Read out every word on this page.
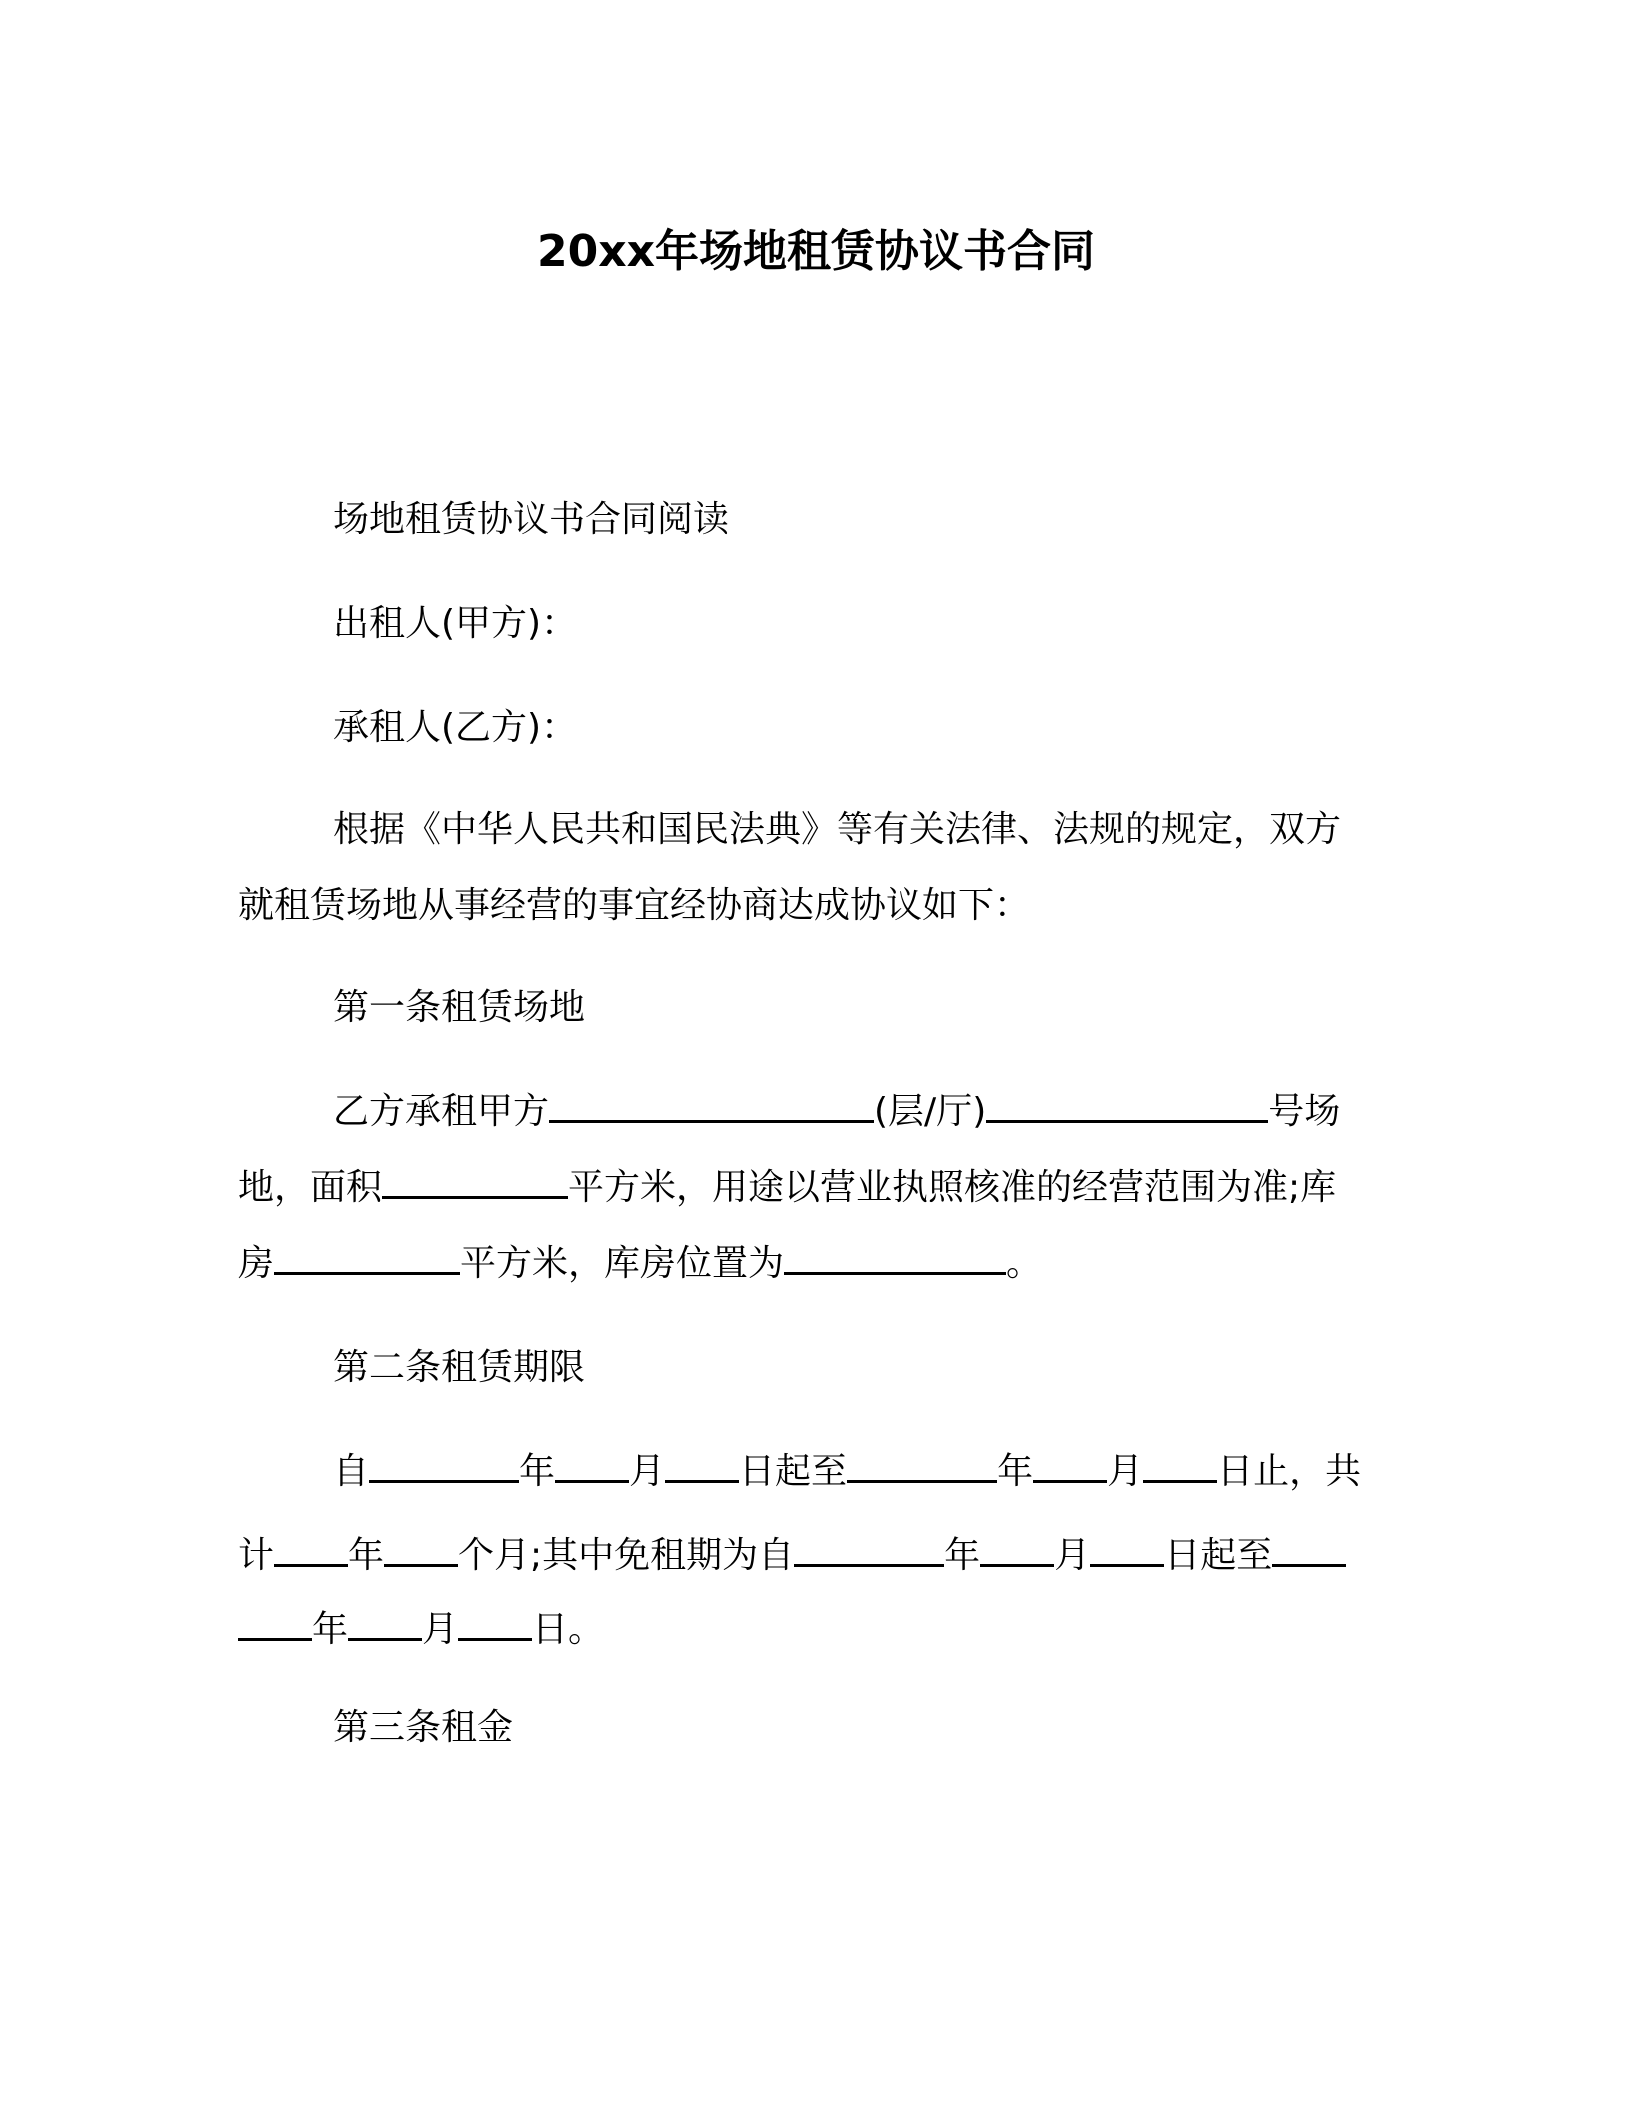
20xx年场地租赁协议书合同
场地租赁协议书合同阅读
出租人(甲方)：
承租人(乙方)：
根据《中华人民共和国民法典》等有关法律、法规的规定，双方
就租赁场地从事经营的事宜经协商达成协议如下：
第一条租赁场地
乙方承租甲方	(层/厅)	号场
地，面积	平方米，用途以营业执照核准的经营范围为准;库
房	平方米，库房位置为	。
第二条租赁期限
自	年 月 日起至	年 月 日止，共
计 年 个月;其中免租期为自	年 月 日起至
年 月 日。
第三条租金
